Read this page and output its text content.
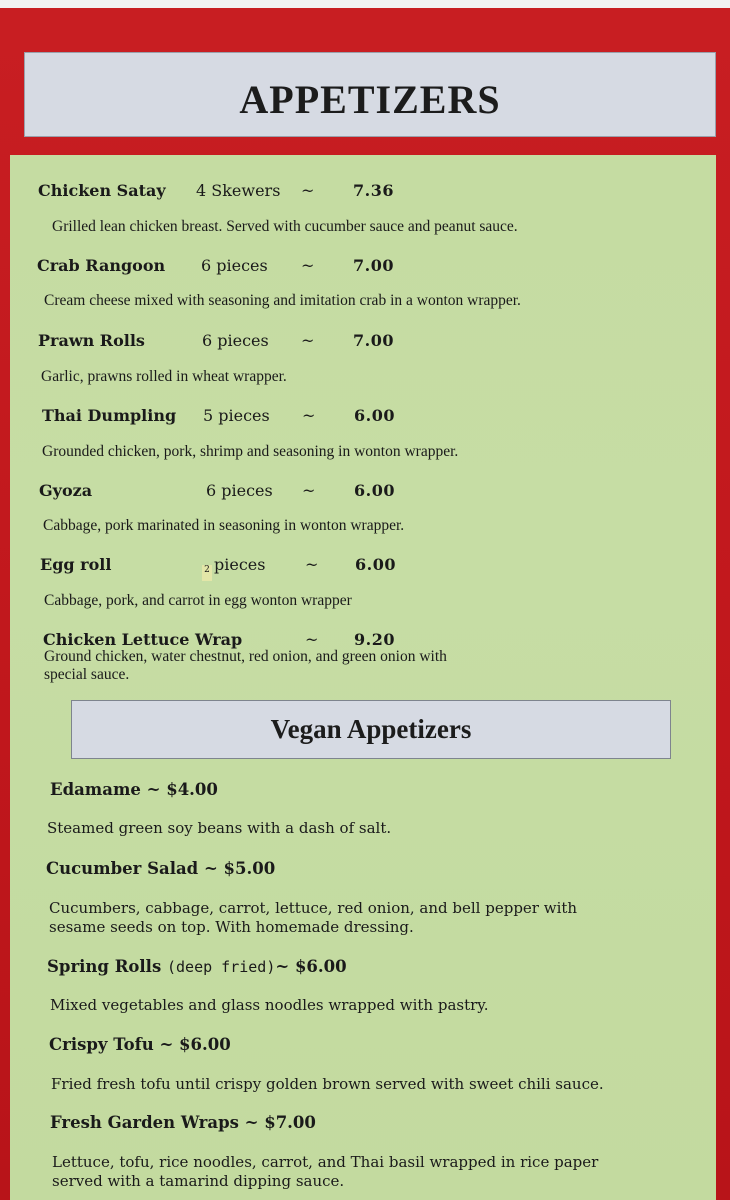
APPETIZERS
Chicken Satay 4 Skewers ~ 7.36
Grilled lean chicken breast. Served with cucumber sauce and peanut sauce.
Crab Rangoon 6 pieces ~ 7.00
Cream cheese mixed with seasoning and imitation crab in a wonton wrapper.
Prawn Rolls	6 pieces ~ 7.00
Garlic, prawns rolled in wheat wrapper.
Thai Dumpling 5 pieces ~ 6.00
Grounded chicken, pork, shrimp and seasoning in wonton wrapper.
Gyoza	6 pieces ~ 6.00
Cabbage, pork marinated in seasoning in wonton wrapper.
Egg roll	2 pieces ~ 6.00
Cabbage, pork, and carrot in egg wonton wrapper
Chicken Lettuce Wrap	~ 9.20
Ground chicken, water chestnut, red onion, and green onion with
special sauce.
Vegan Appetizers
Edamame ~ $4.00
Steamed green soy beans with a dash of salt.
Cucumber Salad ~ $5.00
Cucumbers, cabbage, carrot, lettuce, red onion, and bell pepper with
sesame seeds on top. With homemade dressing.
Spring Rolls (deep fried)~ $6.00
Mixed vegetables and glass noodles wrapped with pastry.
Crispy Tofu ~ $6.00
Fried fresh tofu until crispy golden brown served with sweet chili sauce.
Fresh Garden Wraps ~ $7.00
Lettuce, tofu, rice noodles, carrot, and Thai basil wrapped in rice paper
served with a tamarind dipping sauce.
